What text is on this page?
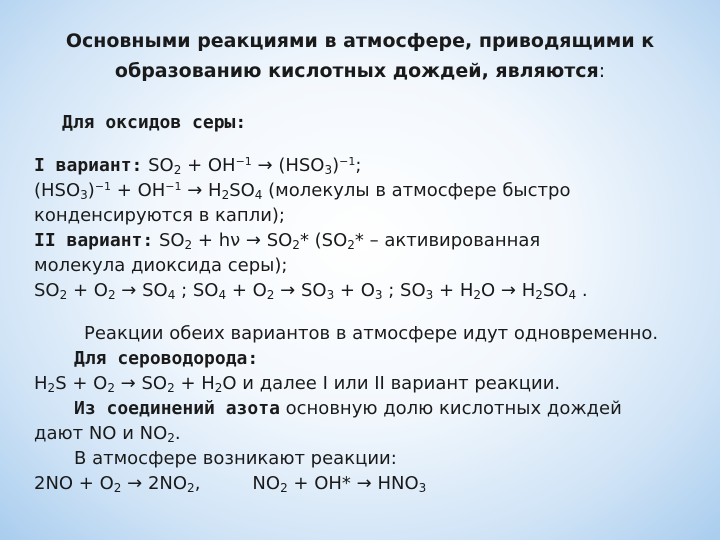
Основными реакциями в атмосфере, приводящими к
образованию кислотных дождей, являются:
Для оксидов серы:
I вариант: $SO_2 + OH^{-1} \to (HSO_3)^{-1}$;
$(HSO_3)^{-1} + OH^{-1} \to H_2SO_4$ (молекулы в атмосфере быстро
конденсируются в капли);
II вариант: $SO_2 + h\nu \to SO_2*$ ($SO_2*$ – активированная
молекула диоксида серы);
$SO_2 + O_2 \to SO_4$ ; $SO_4 + O_2 \to SO_3 + O_3$ ; $SO_3 + H_2O \to H_2SO_4$ .
Реакции обеих вариантов в атмосфере идут одновременно.
Для сероводорода:
$H_2S + O_2 \to SO_2 + H_2O$ и далее I или II вариант реакции.
Из соединений азота основную долю кислотных дождей
дают NO и $NO_2$.
В атмосфере возникают реакции:
$2NO + O_2 \to 2NO_2$,	$NO_2 + OH* \to HNO_3$
